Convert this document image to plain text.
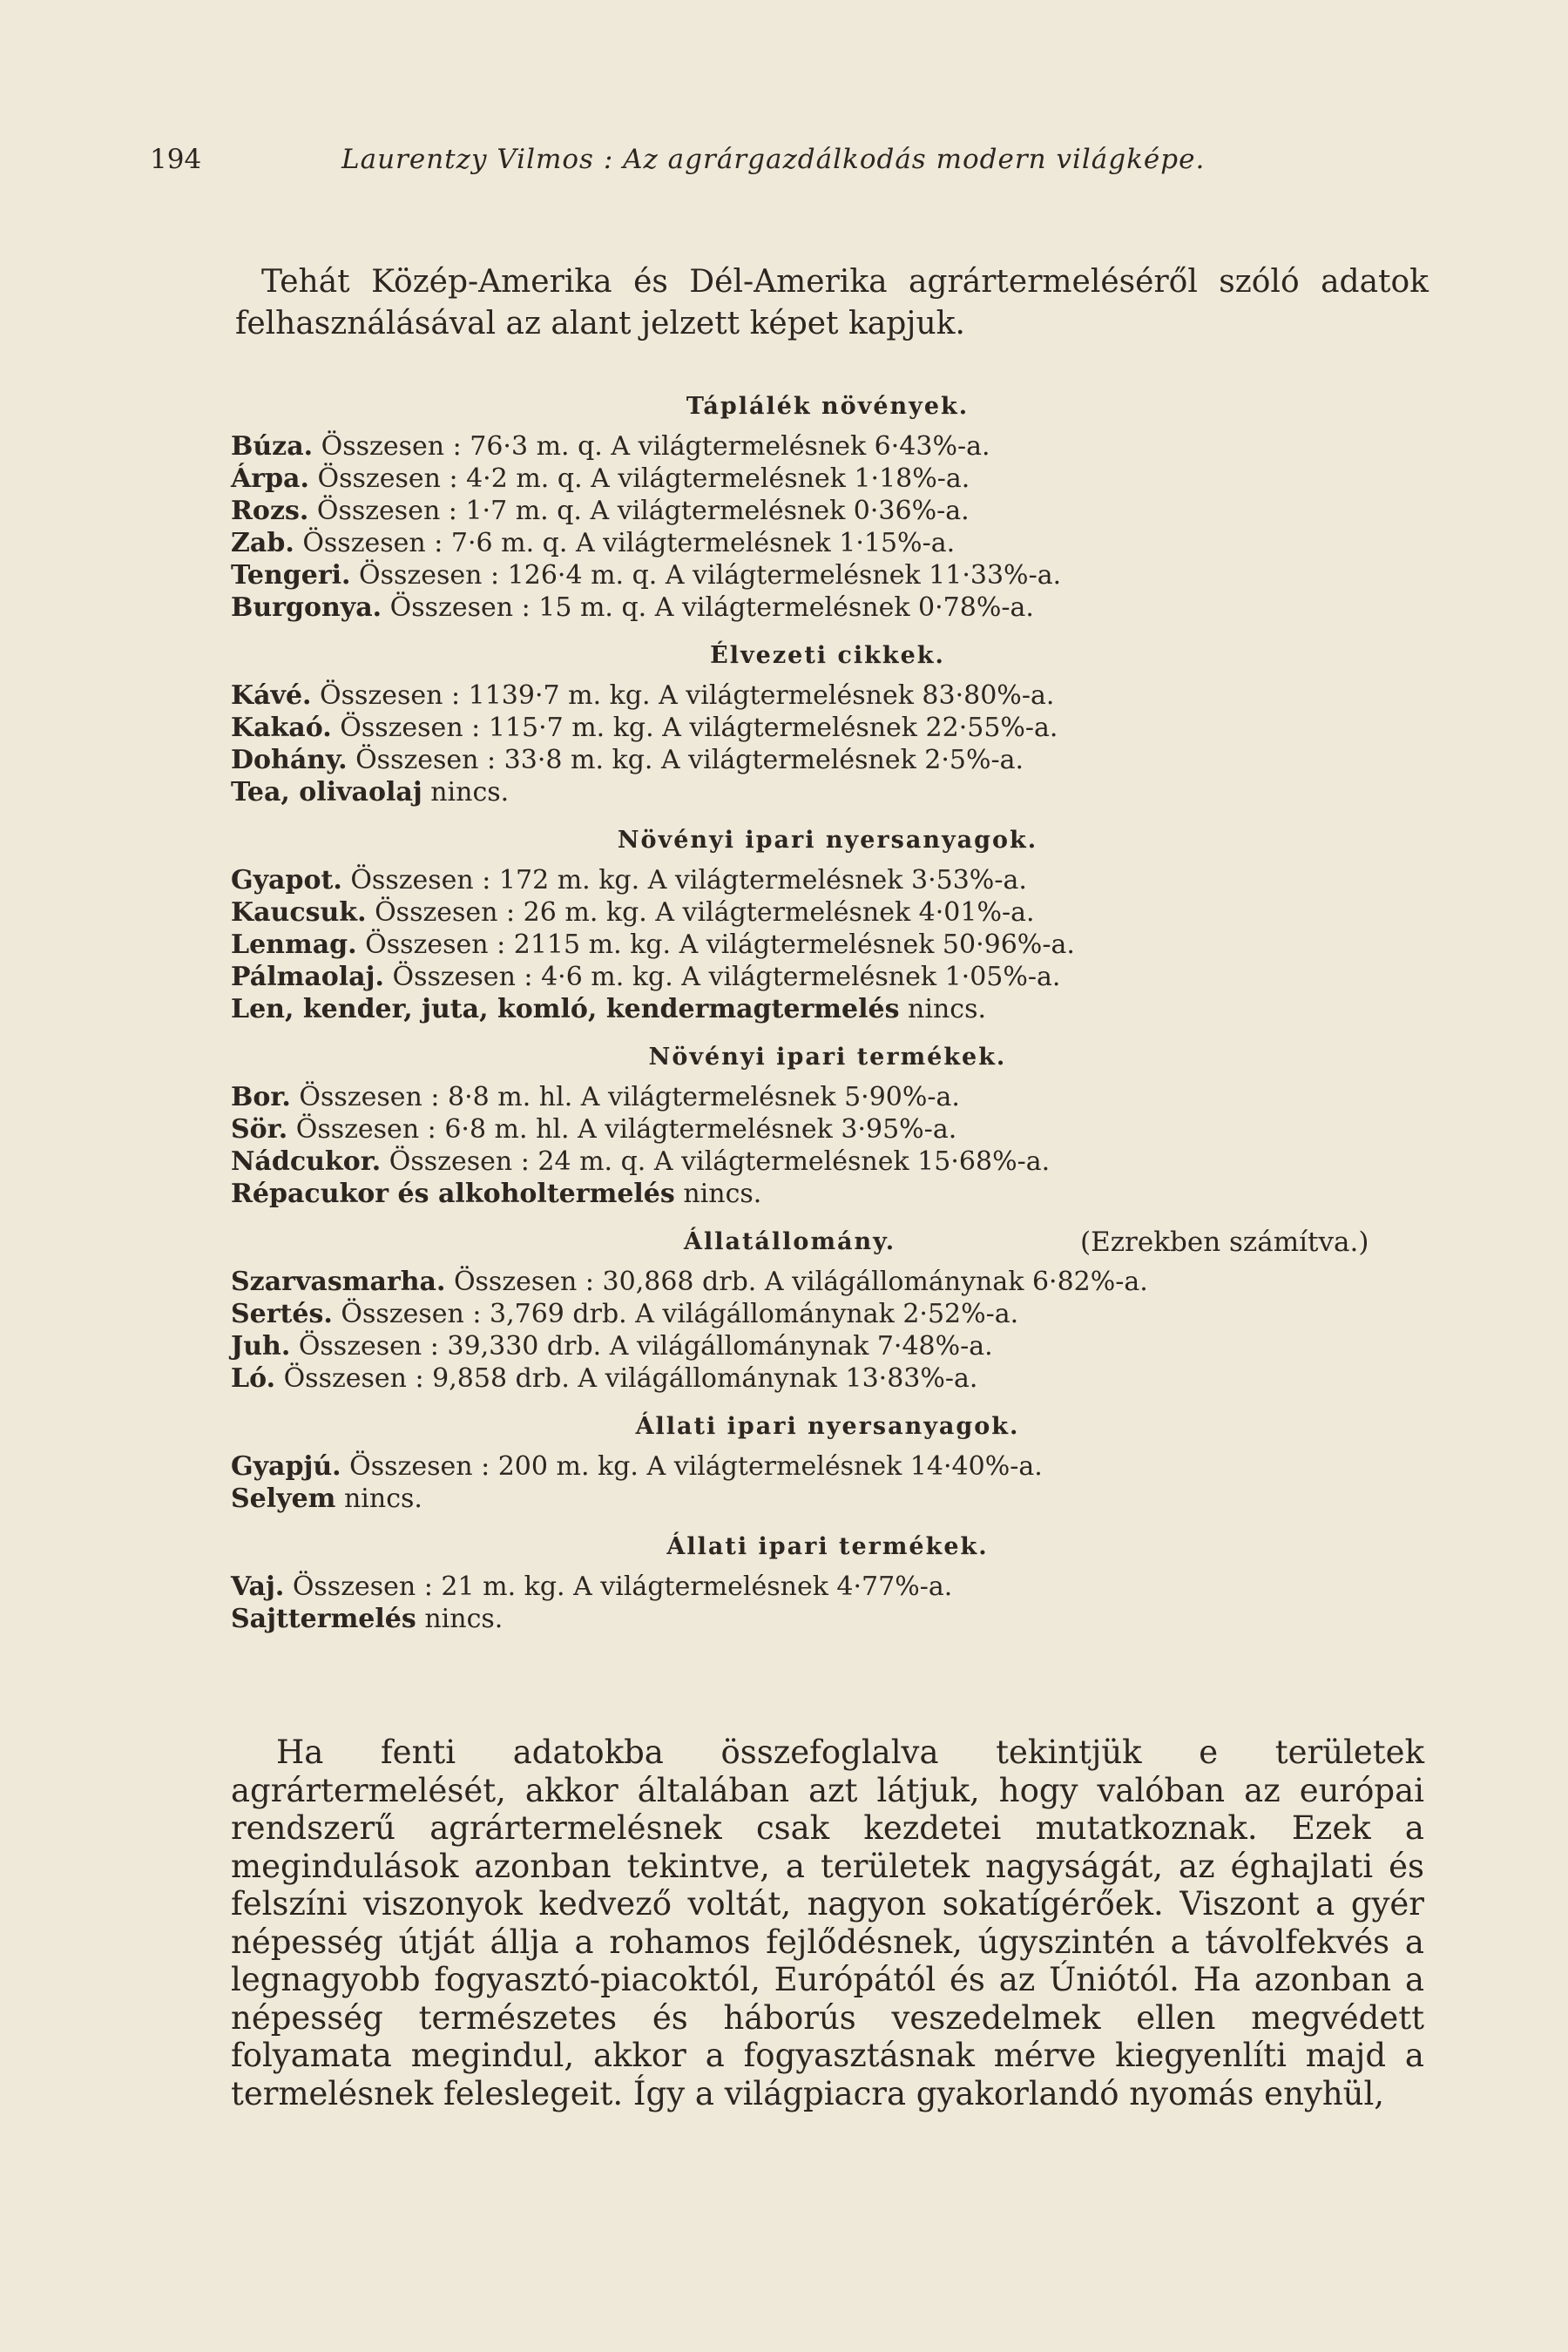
194	Laurentzy Vilmos : Az agrárgazdálkodás modern világképe.

Tehát Közép-Amerika és Dél-Amerika agrártermeléséről szóló adatok felhasználásával az alant jelzett képet kapjuk.

Táplálék növények.
Búza. Összesen : 76·3 m. q. A világtermelésnek 6·43%-a.
Árpa. Összesen : 4·2 m. q. A világtermelésnek 1·18%-a.
Rozs. Összesen : 1·7 m. q. A világtermelésnek 0·36%-a.
Zab. Összesen : 7·6 m. q. A világtermelésnek 1·15%-a.
Tengeri. Összesen : 126·4 m. q. A világtermelésnek 11·33%-a.
Burgonya. Összesen : 15 m. q. A világtermelésnek 0·78%-a.
Élvezeti cikkek.
Kávé. Összesen : 1139·7 m. kg. A világtermelésnek 83·80%-a.
Kakaó. Összesen : 115·7 m. kg. A világtermelésnek 22·55%-a.
Dohány. Összesen : 33·8 m. kg. A világtermelésnek 2·5%-a.
Tea, olivaolaj nincs.
Növényi ipari nyersanyagok.
Gyapot. Összesen : 172 m. kg. A világtermelésnek 3·53%-a.
Kaucsuk. Összesen : 26 m. kg. A világtermelésnek 4·01%-a.
Lenmag. Összesen : 2115 m. kg. A világtermelésnek 50·96%-a.
Pálmaolaj. Összesen : 4·6 m. kg. A világtermelésnek 1·05%-a.
Len, kender, juta, komló, kendermagtermelés nincs.
Növényi ipari termékek.
Bor. Összesen : 8·8 m. hl. A világtermelésnek 5·90%-a.
Sör. Összesen : 6·8 m. hl. A világtermelésnek 3·95%-a.
Nádcukor. Összesen : 24 m. q. A világtermelésnek 15·68%-a.
Répacukor és alkoholtermelés nincs.
Állatállomány.	(Ezrekben számítva.)
Szarvasmarha. Összesen : 30,868 drb. A világállománynak 6·82%-a.
Sertés. Összesen : 3,769 drb. A világállománynak 2·52%-a.
Juh. Összesen : 39,330 drb. A világállománynak 7·48%-a.
Ló. Összesen : 9,858 drb. A világállománynak 13·83%-a.
Állati ipari nyersanyagok.
Gyapjú. Összesen : 200 m. kg. A világtermelésnek 14·40%-a.
Selyem nincs.
Állati ipari termékek.
Vaj. Összesen : 21 m. kg. A világtermelésnek 4·77%-a.
Sajttermelés nincs.

Ha fenti adatokba összefoglalva tekintjük e területek agrártermelését, akkor általában azt látjuk, hogy valóban az európai rendszerű agrártermelésnek csak kezdetei mutatkoznak. Ezek a megindulások azonban tekintve, a területek nagyságát, az éghajlati és felszíni viszonyok kedvező voltát, nagyon sokatígérőek. Viszont a gyér népesség útját állja a rohamos fejlődésnek, úgyszintén a távolfekvés a legnagyobb fogyasztó-piacoktól, Európától és az Úniótól. Ha azonban a népesség természetes és háborús veszedelmek ellen megvédett folyamata megindul, akkor a fogyasztásnak mérve kiegyenlíti majd a termelésnek feleslegeit. Így a világpiacra gyakorlandó nyomás enyhül,
